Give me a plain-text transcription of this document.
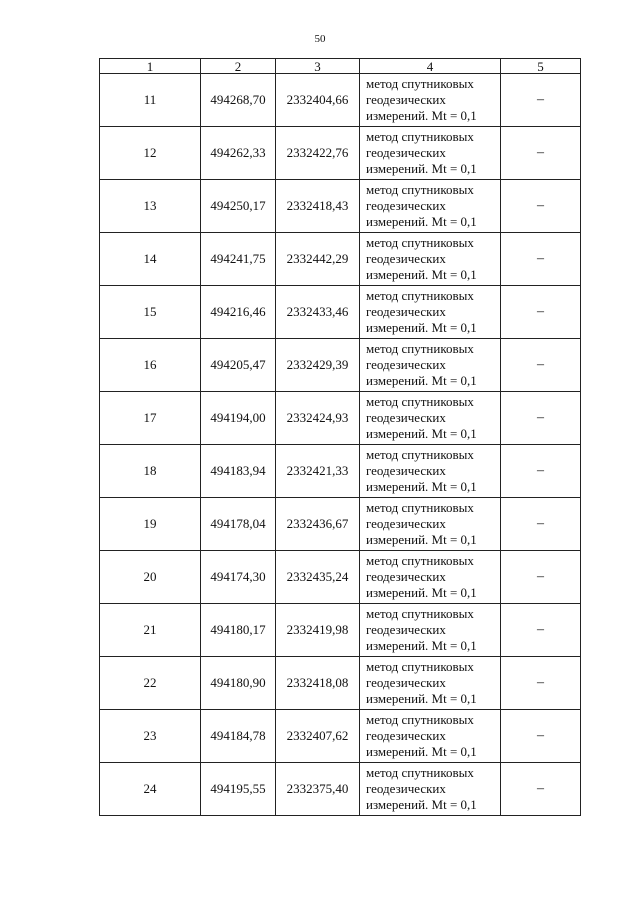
50
1	2	3	4	5
11	494268,70	2332404,66	метод спутниковых
геодезических
измерений. Mt = 0,1	–
12	494262,33	2332422,76	метод спутниковых
геодезических
измерений. Mt = 0,1	–
13	494250,17	2332418,43	метод спутниковых
геодезических
измерений. Mt = 0,1	–
14	494241,75	2332442,29	метод спутниковых
геодезических
измерений. Mt = 0,1	–
15	494216,46	2332433,46	метод спутниковых
геодезических
измерений. Mt = 0,1	–
16	494205,47	2332429,39	метод спутниковых
геодезических
измерений. Mt = 0,1	–
17	494194,00	2332424,93	метод спутниковых
геодезических
измерений. Mt = 0,1	–
18	494183,94	2332421,33	метод спутниковых
геодезических
измерений. Mt = 0,1	–
19	494178,04	2332436,67	метод спутниковых
геодезических
измерений. Mt = 0,1	–
20	494174,30	2332435,24	метод спутниковых
геодезических
измерений. Mt = 0,1	–
21	494180,17	2332419,98	метод спутниковых
геодезических
измерений. Mt = 0,1	–
22	494180,90	2332418,08	метод спутниковых
геодезических
измерений. Mt = 0,1	–
23	494184,78	2332407,62	метод спутниковых
геодезических
измерений. Mt = 0,1	–
24	494195,55	2332375,40	метод спутниковых
геодезических
измерений. Mt = 0,1	–
